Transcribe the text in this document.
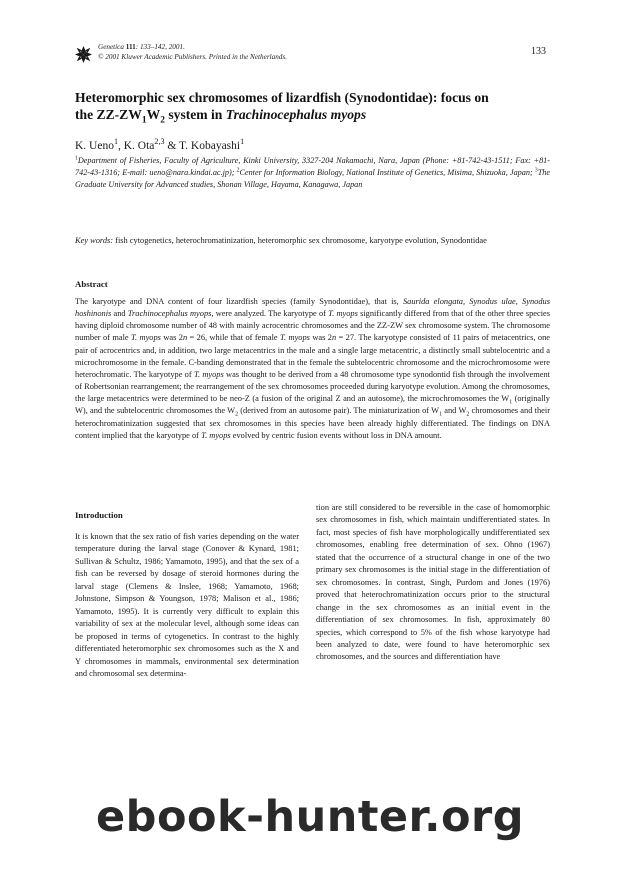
Genetica 111: 133–142, 2001.
© 2001 Kluwer Academic Publishers. Printed in the Netherlands.	133
Heteromorphic sex chromosomes of lizardfish (Synodontidae): focus on
the $ZZ-ZW_1W_2$ system in Trachinocephalus myops
K. Ueno$^1$, K. Ota$^{2,3}$ & T. Kobayashi$^1$
$^1$Department of Fisheries, Faculty of Agriculture, Kinki University, 3327-204 Nakamachi, Nara, Japan (Phone: +81-742-43-1511; Fax: +81-742-43-1316; E-mail: ueno@nara.kindai.ac.jp); $^2$Center for Information Biology, National Institute of Genetics, Misima, Shizuoka, Japan; $^3$The Graduate University for Advanced studies, Shonan Village, Hayama, Kanagawa, Japan
Key words: fish cytogenetics, heterochromatinization, heteromorphic sex chromosome, karyotype evolution, Synodontidae
Abstract
The karyotype and DNA content of four lizardfish species (family Synodontidae), that is, Saurida elongata, Synodus ulae, Synodus hoshinonis and Trachinocephalus myops, were analyzed. The karyotype of T. myops significantly differed from that of the other three species having diploid chromosome number of 48 with mainly acrocentric chromosomes and the ZZ-ZW sex chromosome system. The chromosome number of male T. myops was 2n = 26, while that of female T. myops was 2n = 27. The karyotype consisted of 11 pairs of metacentrics, one pair of acrocentrics and, in addition, two large metacentrics in the male and a single large metacentric, a distinctly small subtelocentric and a microchromosome in the female. C-banding demonstrated that in the female the subtelocentric chromosome and the microchromosome were heterochromatic. The karyotype of T. myops was thought to be derived from a 48 chromosome type synodontid fish through the involvement of Robertsonian rearrangement; the rearrangement of the sex chromosomes proceeded during karyotype evolution. Among the chromosomes, the large metacentrics were determined to be neo-Z (a fusion of the original Z and an autosome), the microchromosomes the $W_1$ (originally W), and the subtelocentric chromosomes the $W_2$ (derived from an autosome pair). The miniaturization of $W_1$ and $W_2$ chromosomes and their heterochromatinization suggested that sex chromosomes in this species have been already highly differentiated. The findings on DNA content implied that the karyotype of T. myops evolved by centric fusion events without loss in DNA amount.
Introduction
It is known that the sex ratio of fish varies depending on the water temperature during the larval stage (Conover & Kynard, 1981; Sullivan & Schultz, 1986; Yamamoto, 1995), and that the sex of a fish can be reversed by dosage of steroid hormones during the larval stage (Clemens & Inslee, 1968; Yamamoto, 1968; Johnstone, Simpson & Youngson, 1978; Malison et al., 1986; Yamamoto, 1995). It is currently very difficult to explain this variability of sex at the molecular level, although some ideas can be proposed in terms of cytogenetics. In contrast to the highly differentiated heteromorphic sex chromosomes such as the X and Y chromosomes in mammals, environmental sex determination and chromosomal sex determina-
tion are still considered to be reversible in the case of homomorphic sex chromosomes in fish, which maintain undifferentiated states. In fact, most species of fish have morphologically undifferentiated sex chromosomes, enabling free determination of sex. Ohno (1967) stated that the occurrence of a structural change in one of the two primary sex chromosomes is the initial stage in the differentiation of sex chromosomes. In contrast, Singh, Purdom and Jones (1976) proved that heterochromatinization occurs prior to the structural change in the sex chromosomes as an initial event in the differentiation of sex chromosomes. In fish, approximately 80 species, which correspond to 5% of the fish whose karyotype had been analyzed to date, were found to have heteromorphic sex chromosomes, and the sources and differentiation have
ebook-hunter.org
